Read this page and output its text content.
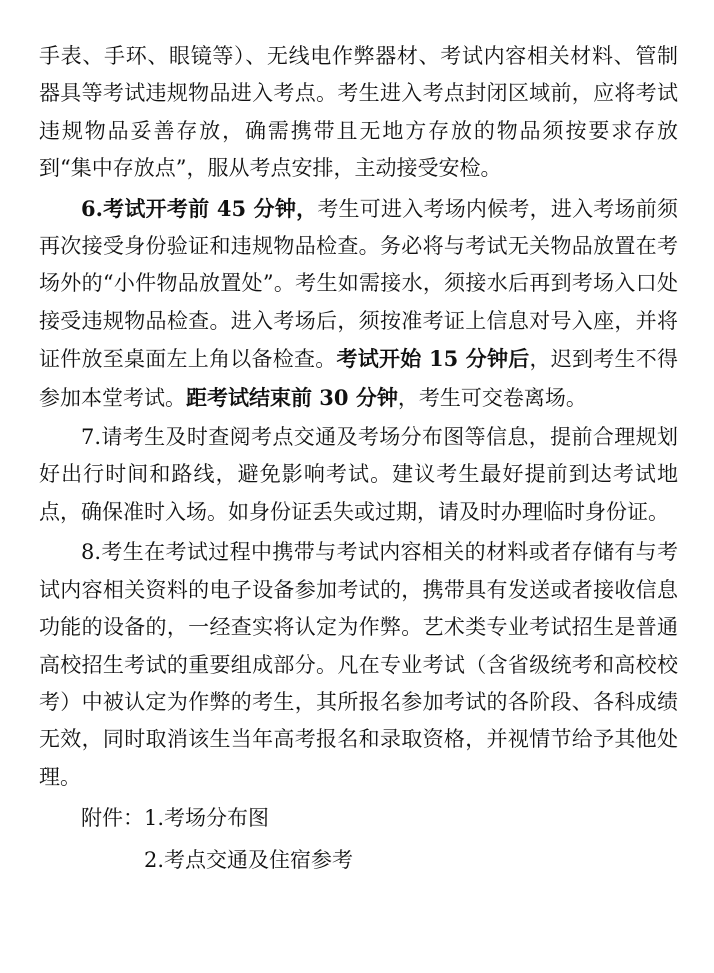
手表、手环、眼镜等）、无线电作弊器材、考试内容相关材料、管制器具等考试违规物品进入考点。考生进入考点封闭区域前，应将考试违规物品妥善存放，确需携带且无地方存放的物品须按要求存放到“集中存放点”，服从考点安排，主动接受安检。

6.考试开考前 45 分钟，考生可进入考场内候考，进入考场前须再次接受身份验证和违规物品检查。务必将与考试无关物品放置在考场外的“小件物品放置处”。考生如需接水，须接水后再到考场入口处接受违规物品检查。进入考场后，须按准考证上信息对号入座，并将证件放至桌面左上角以备检查。考试开始 15 分钟后，迟到考生不得参加本堂考试。距考试结束前 30 分钟，考生可交卷离场。

7.请考生及时查阅考点交通及考场分布图等信息，提前合理规划好出行时间和路线，避免影响考试。建议考生最好提前到达考试地点，确保准时入场。如身份证丢失或过期，请及时办理临时身份证。

8.考生在考试过程中携带与考试内容相关的材料或者存储有与考试内容相关资料的电子设备参加考试的，携带具有发送或者接收信息功能的设备的，一经查实将认定为作弊。艺术类专业考试招生是普通高校招生考试的重要组成部分。凡在专业考试（含省级统考和高校校考）中被认定为作弊的考生，其所报名参加考试的各阶段、各科成绩无效，同时取消该生当年高考报名和录取资格，并视情节给予其他处理。

附件：1.考场分布图

2.考点交通及住宿参考
